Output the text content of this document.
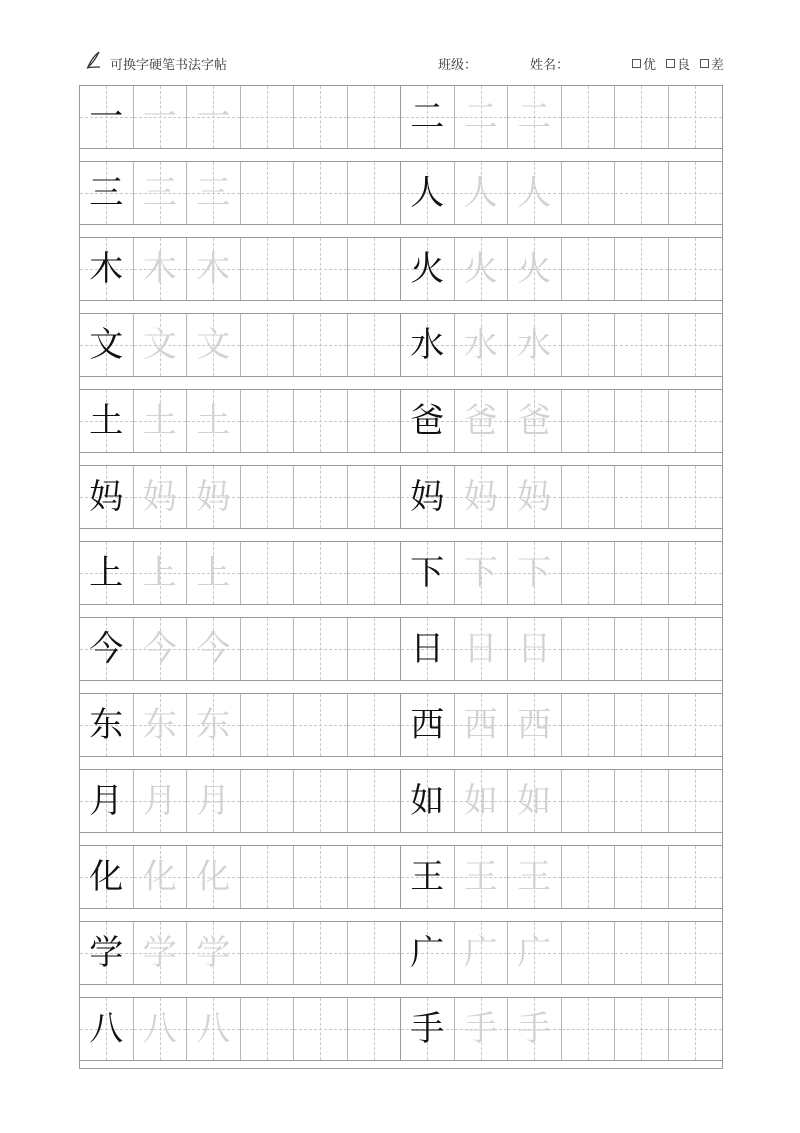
可换字硬笔书法字帖	班级：	姓名：	优 良 差
一 一 一	二 二 二
三 三 三	人 人 人
木 木 木	火 火 火
文 文 文	水 水 水
土 土 土	爸 爸 爸
妈 妈 妈	妈 妈 妈
上 上 上	下 下 下
今 今 今	日 日 日
东 东 东	西 西 西
月 月 月	如 如 如
化 化 化	王 王 王
学 学 学	广 广 广
八 八 八	手 手 手
